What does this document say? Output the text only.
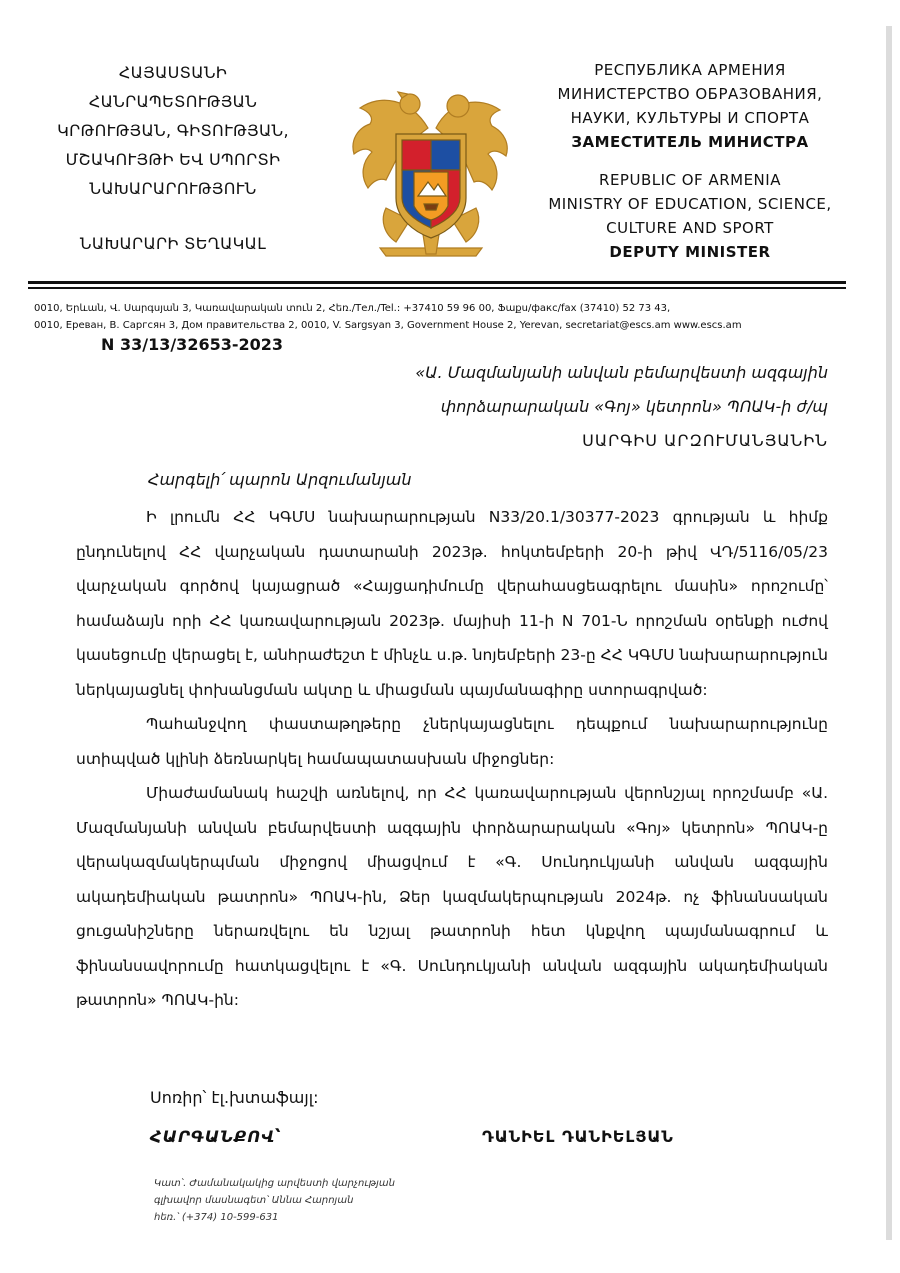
ՀԱՅԱՍՏԱՆԻ
ՀԱՆՐԱՊԵՏՈՒԹՅԱՆ
ԿՐԹՈՒԹՅԱՆ, ԳԻՏՈՒԹՅԱՆ,
ՄՇԱԿՈՒՅԹԻ ԵՎ ՍՊՈՐՏԻ
ՆԱԽԱՐԱՐՈՒԹՅՈՒՆ
ՆԱԽԱՐԱՐԻ ՏԵՂԱԿԱԼ
РЕСПУБЛИКА АРМЕНИЯ
МИНИСТЕРСТВО ОБРАЗОВАНИЯ,
НАУКИ, КУЛЬТУРЫ И СПОРТА
ЗАМЕСТИТЕЛЬ МИНИСТРА
REPUBLIC OF ARMENIA
MINISTRY OF EDUCATION, SCIENCE,
CULTURE AND SPORT
DEPUTY MINISTER
0010, Երևան, Վ. Սարգսյան 3, Կառավարական տուն 2, Հեռ./Тел./Tel.: +37410 59 96 00, Ֆաքս/факс/fax (37410) 52 73 43,
0010, Ереван, В. Саргсян 3, Дом правительства 2, 0010, V. Sargsyan 3, Government House 2, Yerevan, secretariat@escs.am www.escs.am
N 33/13/32653-2023
«Ա. Մազմանյանի անվան բեմարվեստի ազգային
փորձարարական «Գոյ» կետրոն» ՊՈԱԿ-ի ժ/պ
ՍԱՐԳԻՍ ԱՐԶՈՒՄԱՆՅԱՆԻՆ
Հարգելի՛ պարոն Արզումանյան

Ի լրումն ՀՀ ԿԳՄՍ նախարարության N33/20.1/30377-2023 գրության և հիմք ընդունելով ՀՀ վարչական դատարանի 2023թ. հոկտեմբերի 20-ի թիվ ՎԴ/5116/05/23 վարչական գործով կայացրած «Հայցադիմումը վերահասցեագրելու մասին» որոշումը՝ համաձայն որի ՀՀ կառավարության 2023թ. մայիսի 11-ի N 701-Ն որոշման օրենքի ուժով կասեցումը վերացել է, անհրաժեշտ է մինչև ս.թ. նոյեմբերի 23-ը ՀՀ ԿԳՄՍ նախարարություն ներկայացնել փոխանցման ակտը և միացման պայմանագիրը ստորագրված:

Պահանջվող փաստաթղթերը չներկայացնելու դեպքում նախարարությունը ստիպված կլինի ձեռնարկել համապատասխան միջոցներ:

Միաժամանակ հաշվի առնելով, որ ՀՀ կառավարության վերոնշյալ որոշմամբ «Ա. Մազմանյանի անվան բեմարվեստի ազգային փորձարարական «Գոյ» կետրոն» ՊՈԱԿ-ը վերակազմակերպման միջոցով միացվում է «Գ. Սունդուկյանի անվան ազգային ակադեմիական թատրոն» ՊՈԱԿ-ին, Ձեր կազմակերպության 2024թ. ոչ ֆինանսական ցուցանիշները ներառվելու են նշյալ թատրոնի հետ կնքվող պայմանագրում և ֆինանսավորումը հատկացվելու է «Գ. Սունդուկյանի անվան ազգային ակադեմիական թատրոն» ՊՈԱԿ-ին:

Սոռիր՝ էլ.խտաֆայլ:
ՀԱՐԳԱՆՔՈՎ՝	ԴԱՆԻԵԼ ԴԱՆԻԵԼՅԱՆ
Կատ՝. Ժամանակակից արվեստի վարչության
գլխավոր մասնագետ՝ Աննա Հարոյան
հեռ.՝ (+374) 10-599-631
